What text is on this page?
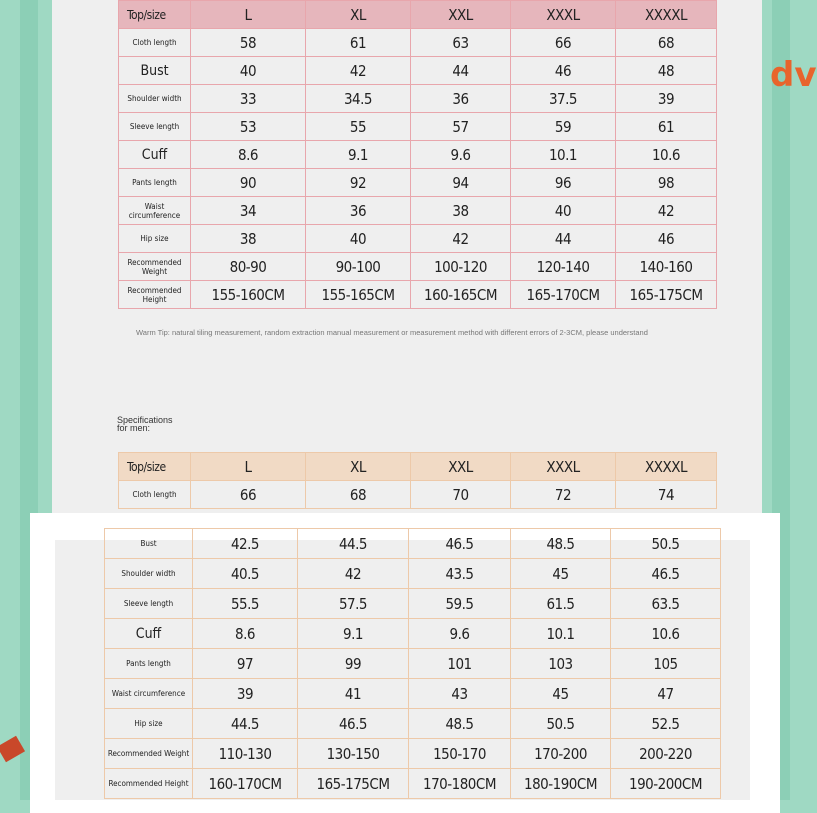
dv
Top/size	L	XL	XXL	XXXL	XXXXL
Cloth length	58	61	63	66	68
Bust	40	42	44	46	48
Shoulder width	33	34.5	36	37.5	39
Sleeve length	53	55	57	59	61
Cuff	8.6	9.1	9.6	10.1	10.6
Pants length	90	92	94	96	98
Waist circumference	34	36	38	40	42
Hip size	38	40	42	44	46
Recommended Weight	80-90	90-100	100-120	120-140	140-160
Recommended Height	155-160CM	155-165CM	160-165CM	165-170CM	165-175CM
Warm Tip: natural tiling measurement, random extraction manual measurement or measurement method with different errors of 2-3CM, please understand
Specifications for men:
Top/size	L	XL	XXL	XXXL	XXXXL
Cloth length	66	68	70	72	74
Bust	42.5	44.5	46.5	48.5	50.5
Shoulder width	40.5	42	43.5	45	46.5
Sleeve length	55.5	57.5	59.5	61.5	63.5
Cuff	8.6	9.1	9.6	10.1	10.6
Pants length	97	99	101	103	105
Waist circumference	39	41	43	45	47
Hip size	44.5	46.5	48.5	50.5	52.5
Recommended Weight	110-130	130-150	150-170	170-200	200-220
Recommended Height	160-170CM	165-175CM	170-180CM	180-190CM	190-200CM
